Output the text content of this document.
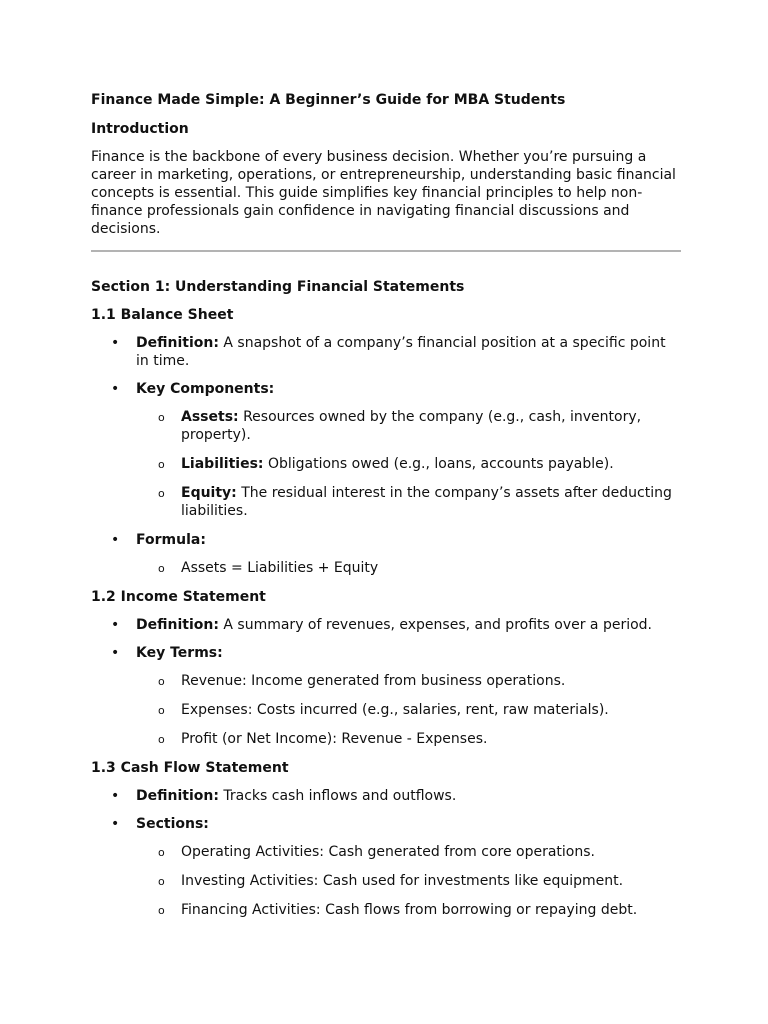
Finance Made Simple: A Beginner’s Guide for MBA Students
Introduction
Finance is the backbone of every business decision. Whether you’re pursuing a career in marketing, operations, or entrepreneurship, understanding basic financial concepts is essential. This guide simplifies key financial principles to help non-finance professionals gain confidence in navigating financial discussions and decisions.
Section 1: Understanding Financial Statements
1.1 Balance Sheet
• Definition: A snapshot of a company’s financial position at a specific point in time.
• Key Components:
o Assets: Resources owned by the company (e.g., cash, inventory, property).
o Liabilities: Obligations owed (e.g., loans, accounts payable).
o Equity: The residual interest in the company’s assets after deducting liabilities.
• Formula:
o Assets = Liabilities + Equity
1.2 Income Statement
• Definition: A summary of revenues, expenses, and profits over a period.
• Key Terms:
o Revenue: Income generated from business operations.
o Expenses: Costs incurred (e.g., salaries, rent, raw materials).
o Profit (or Net Income): Revenue - Expenses.
1.3 Cash Flow Statement
• Definition: Tracks cash inflows and outflows.
• Sections:
o Operating Activities: Cash generated from core operations.
o Investing Activities: Cash used for investments like equipment.
o Financing Activities: Cash flows from borrowing or repaying debt.
